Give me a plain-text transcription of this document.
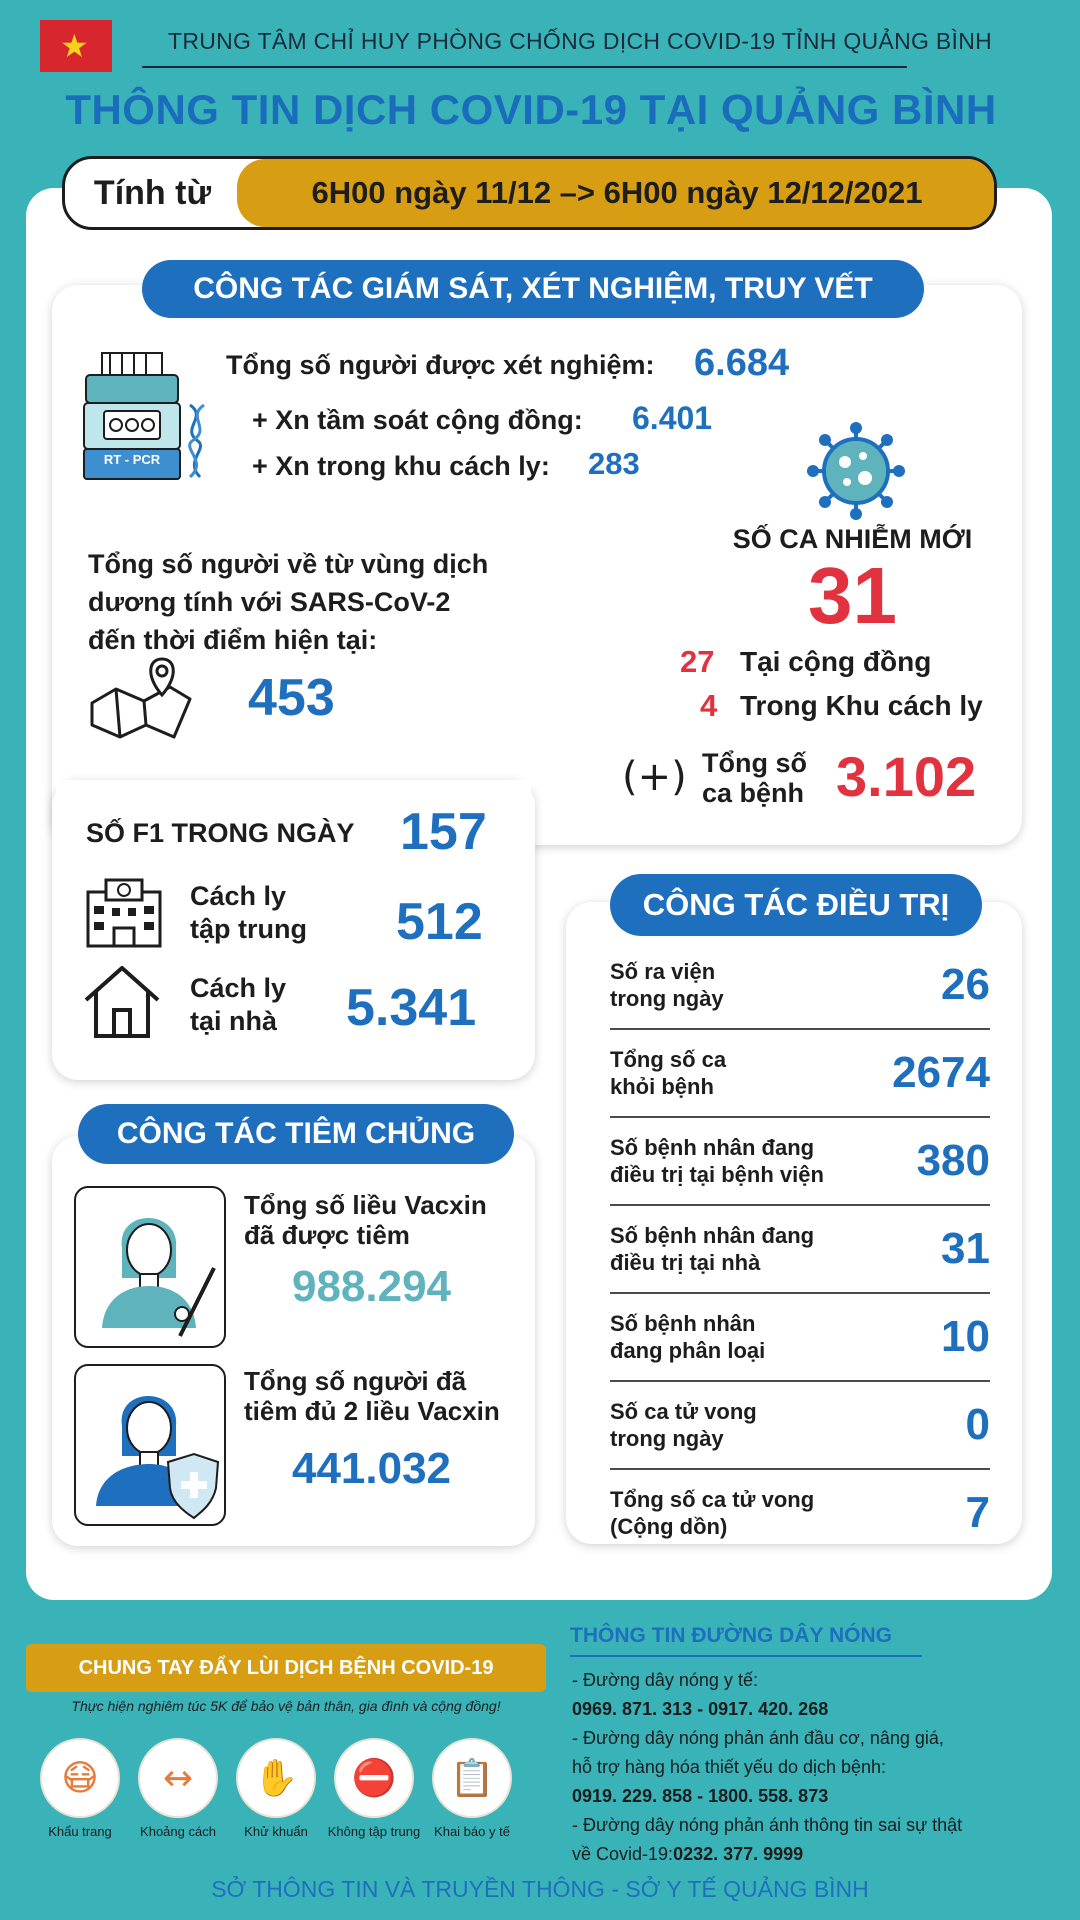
★	TRUNG TÂM CHỈ HUY PHÒNG CHỐNG DỊCH COVID-19 TỈNH QUẢNG BÌNH
THÔNG TIN DỊCH COVID-19 TẠI QUẢNG BÌNH
Tính từ	6H00 ngày 11/12 –> 6H00 ngày 12/12/2021
CÔNG TÁC GIÁM SÁT, XÉT NGHIỆM, TRUY VẾT
RT - PCR
Tổng số người được xét nghiệm: 6.684
+ Xn tầm soát cộng đồng: 6.401
+ Xn trong khu cách ly: 283
Tổng số người về từ vùng dịch
dương tính với SARS-CoV-2
đến thời điểm hiện tại:
453
SỐ F1 TRONG NGÀY 157
Cách ly
tập trung 512
Cách ly
tại nhà 5.341
SỐ CA NHIỄM MỚI
31
27 Tại cộng đồng
4 Trong Khu cách ly
(+) Tổng số
ca bệnh 3.102
CÔNG TÁC ĐIỀU TRỊ
Số ra viện
trong ngày	26
Tổng số ca
khỏi bệnh	2674
Số bệnh nhân đang
điều trị tại bệnh viện 380
Số bệnh nhân đang
điều trị tại nhà	31
Số bệnh nhân
đang phân loại	10
Số ca tử vong
trong ngày	0
Tổng số ca tử vong
(Cộng dồn)	7
CÔNG TÁC TIÊM CHỦNG
Tổng số liều Vacxin
đã được tiêm
988.294
Tổng số người đã
tiêm đủ 2 liều Vacxin
441.032
CHUNG TAY ĐẨY LÙI DỊCH BỆNH COVID-19
Thực hiện nghiêm túc 5K để bảo vệ bản thân, gia đình và cộng đồng!
😷
Khẩu trang
↔
Khoảng cách
✋
Khử khuẩn
⛔
Không tập trung
📋
Khai báo y tế
THÔNG TIN ĐƯỜNG DÂY NÓNG
- Đường dây nóng y tế:
0969. 871. 313 - 0917. 420. 268
- Đường dây nóng phản ánh đầu cơ, nâng giá,
hỗ trợ hàng hóa thiết yếu do dịch bệnh:
0919. 229. 858 - 1800. 558. 873
- Đường dây nóng phản ánh thông tin sai sự thật
về Covid-19:0232. 377. 9999
SỞ THÔNG TIN VÀ TRUYỀN THÔNG - SỞ Y TẾ QUẢNG BÌNH
